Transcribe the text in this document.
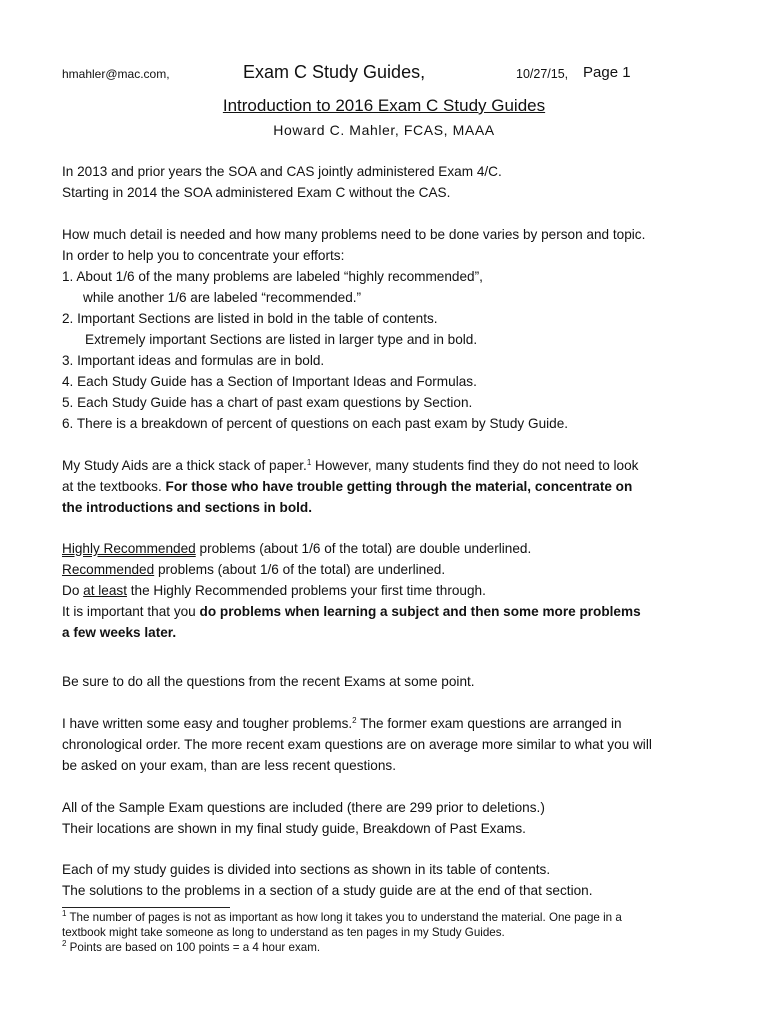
hmahler@mac.com,	Exam C Study Guides,	10/27/15, Page 1
Introduction to 2016 Exam C Study Guides
Howard C. Mahler, FCAS, MAAA
In 2013 and prior years the SOA and CAS jointly administered Exam 4/C.
Starting in 2014 the SOA administered Exam C without the CAS.
How much detail is needed and how many problems need to be done varies by person and topic.
In order to help you to concentrate your efforts:
1. About 1/6 of the many problems are labeled “highly recommended”,
while another 1/6 are labeled “recommended.”
2. Important Sections are listed in bold in the table of contents.
Extremely important Sections are listed in larger type and in bold.
3. Important ideas and formulas are in bold.
4. Each Study Guide has a Section of Important Ideas and Formulas.
5. Each Study Guide has a chart of past exam questions by Section.
6. There is a breakdown of percent of questions on each past exam by Study Guide.
My Study Aids are a thick stack of paper.$^1$ However, many students find they do not need to look
at the textbooks. For those who have trouble getting through the material, concentrate on
the introductions and sections in bold.
Highly Recommended problems (about 1/6 of the total) are double underlined.
Recommended problems (about 1/6 of the total) are underlined.
Do at least the Highly Recommended problems your first time through.
It is important that you do problems when learning a subject and then some more problems
a few weeks later.
Be sure to do all the questions from the recent Exams at some point.
I have written some easy and tougher problems.$^2$ The former exam questions are arranged in
chronological order. The more recent exam questions are on average more similar to what you will
be asked on your exam, than are less recent questions.
All of the Sample Exam questions are included (there are 299 prior to deletions.)
Their locations are shown in my final study guide, Breakdown of Past Exams.
Each of my study guides is divided into sections as shown in its table of contents.
The solutions to the problems in a section of a study guide are at the end of that section.
$^1$ The number of pages is not as important as how long it takes you to understand the material. One page in a
textbook might take someone as long to understand as ten pages in my Study Guides.
$^2$ Points are based on 100 points = a 4 hour exam.
